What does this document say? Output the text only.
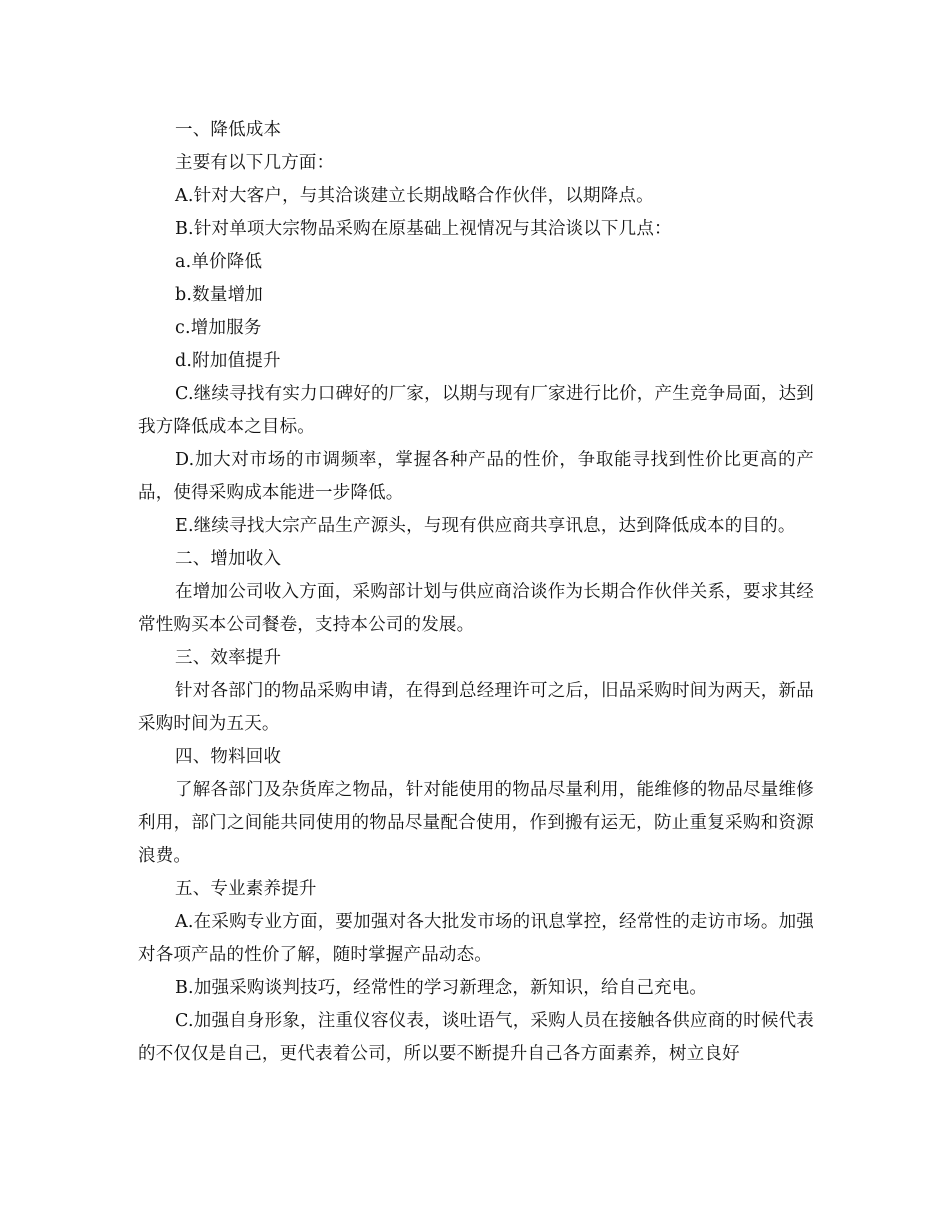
一、降低成本

主要有以下几方面：

A.针对大客户，与其洽谈建立长期战略合作伙伴，以期降点。

B.针对单项大宗物品采购在原基础上视情况与其洽谈以下几点：

a.单价降低

b.数量增加

c.增加服务

d.附加值提升

C.继续寻找有实力口碑好的厂家，以期与现有厂家进行比价，产生竞争局面，达到我方降低成本之目标。

D.加大对市场的市调频率，掌握各种产品的性价，争取能寻找到性价比更高的产品，使得采购成本能进一步降低。

E.继续寻找大宗产品生产源头，与现有供应商共享讯息，达到降低成本的目的。

二、增加收入

在增加公司收入方面，采购部计划与供应商洽谈作为长期合作伙伴关系，要求其经常性购买本公司餐卷，支持本公司的发展。

三、效率提升

针对各部门的物品采购申请，在得到总经理许可之后，旧品采购时间为两天，新品采购时间为五天。

四、物料回收

了解各部门及杂货库之物品，针对能使用的物品尽量利用，能维修的物品尽量维修利用，部门之间能共同使用的物品尽量配合使用，作到搬有运无，防止重复采购和资源浪费。

五、专业素养提升

A.在采购专业方面，要加强对各大批发市场的讯息掌控，经常性的走访市场。加强对各项产品的性价了解，随时掌握产品动态。

B.加强采购谈判技巧，经常性的学习新理念，新知识，给自己充电。

C.加强自身形象，注重仪容仪表，谈吐语气，采购人员在接触各供应商的时候代表的不仅仅是自己，更代表着公司，所以要不断提升自己各方面素养，树立良好
